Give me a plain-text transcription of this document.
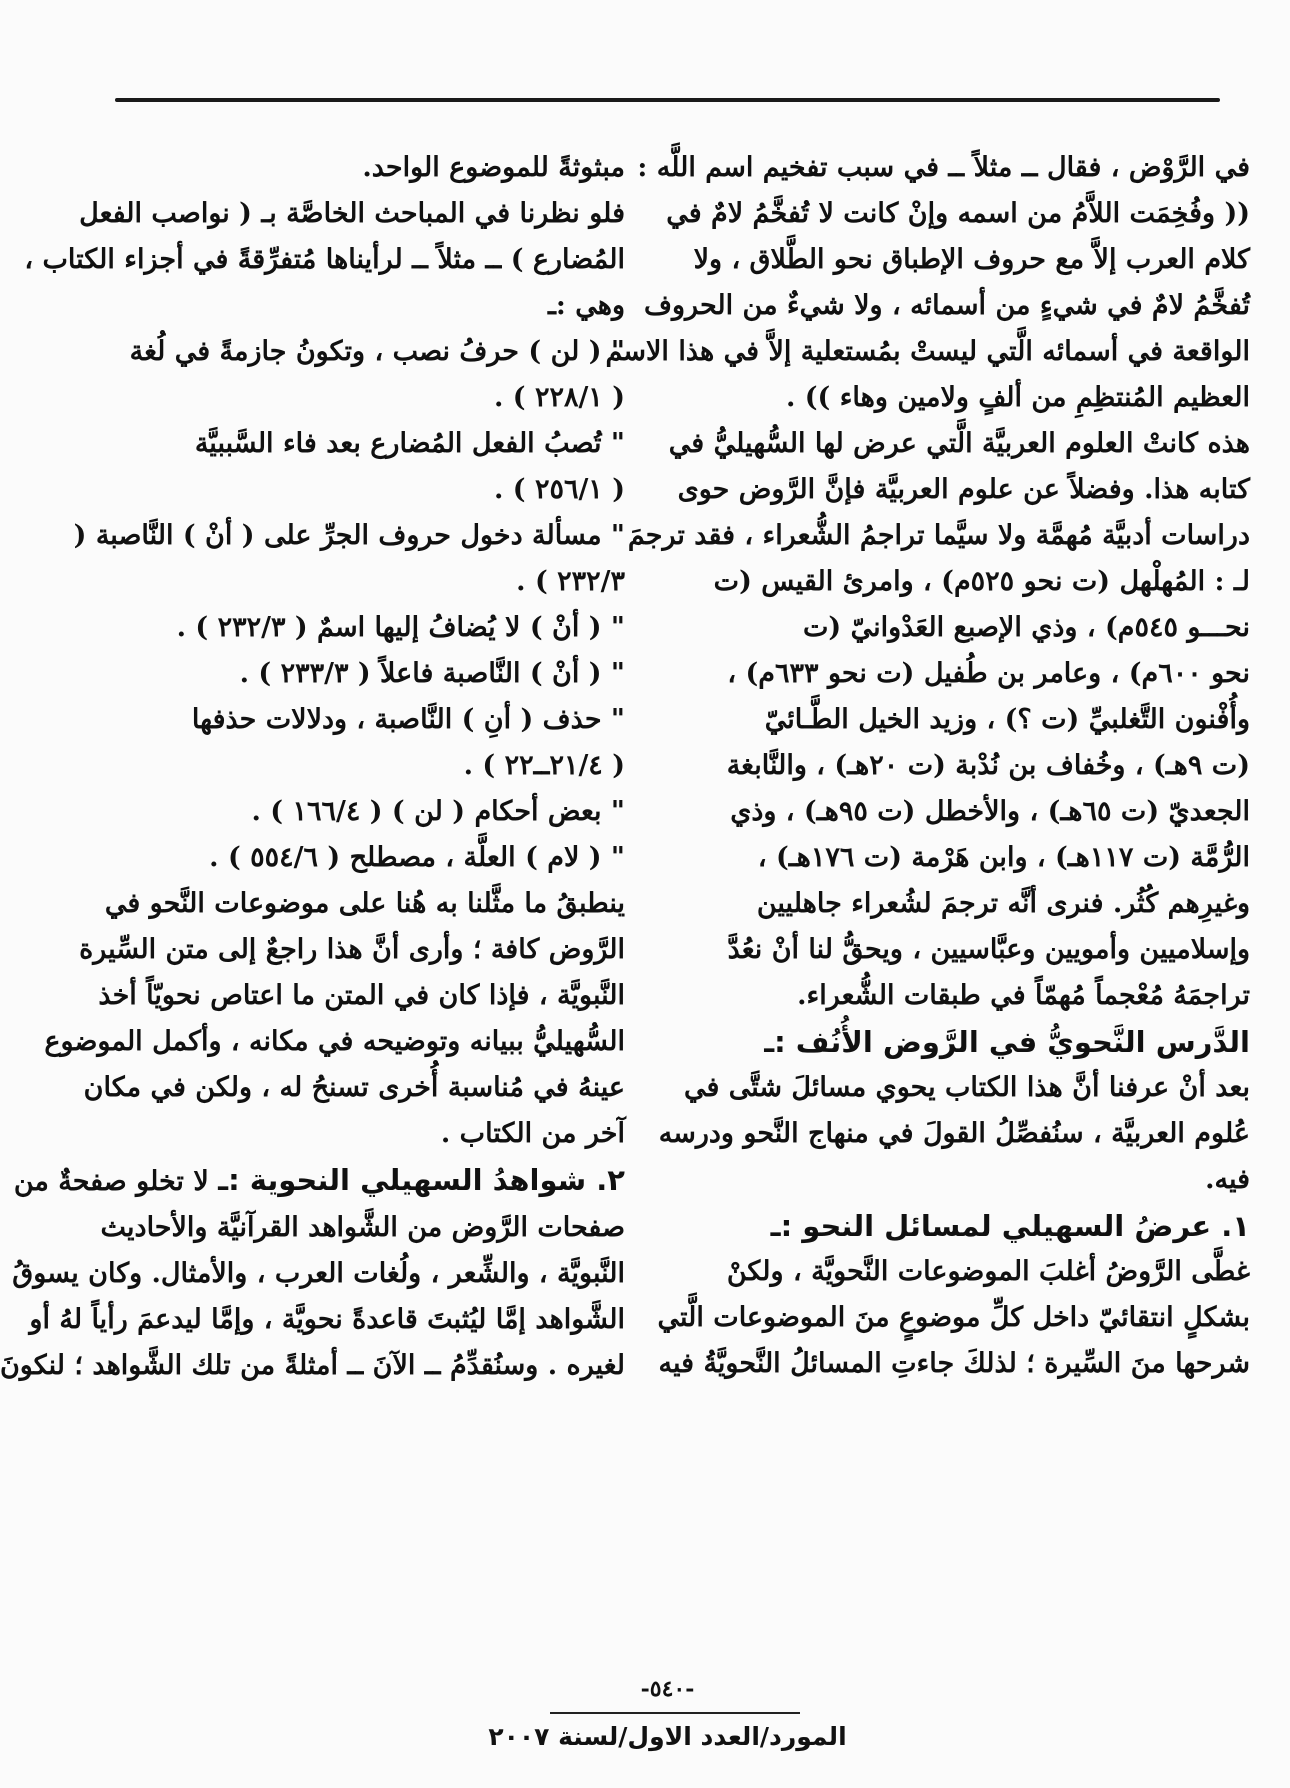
في الرَّوْض ، فقال ــ مثلاً ــ في سبب تفخيم اسم اللَّه :
(( وفُخِمَت اللاَّمُ من اسمه وإنْ كانت لا تُفخَّمُ لامٌ في
كلام العرب إلاَّ مع حروف الإطباق نحو الطَّلاق ، ولا
تُفخَّمُ لامٌ في شيءٍ من أسمائه ، ولا شيءٌ من الحروف
الواقعة في أسمائه الَّتي ليستْ بمُستعلية إلاَّ في هذا الاسم
العظيم المُنتظِمِ من ألفٍ ولامين وهاء )) .
هذه كانتْ العلوم العربيَّة الَّتي عرض لها السُّهيليُّ في
كتابه هذا. وفضلاً عن علوم العربيَّة فإنَّ الرَّوض حوى
دراسات أدبيَّة مُهمَّة ولا سيَّما تراجمُ الشُّعراء ، فقد ترجمَ
لـ : المُهلْهل (ت نحو ٥٢٥م) ، وامرئ القيس (ت
نحـــو ٥٤٥م) ، وذي الإصبع العَدْوانيّ (ت
نحو ٦٠٠م) ، وعامر بن طُفيل (ت نحو ٦٣٣م) ،
وأُفْنون التَّغلبيِّ (ت ؟) ، وزيد الخيل الطَّـائيّ
(ت ٩هـ) ، وخُفاف بن نُدْبة (ت ٢٠هـ) ، والنَّابغة
الجعديّ (ت ٦٥هـ) ، والأخطل (ت ٩٥هـ) ، وذي
الرُّمَّة (ت ١١٧هـ) ، وابن هَرْمة (ت ١٧٦هـ) ،
وغيرِهم كُثُر. فنرى أنَّه ترجمَ لشُعراء جاهليين
وإسلاميين وأمويين وعبَّاسيين ، ويحقُّ لنا أنْ نعُدَّ
تراجمَهُ مُعْجماً مُهمّاً في طبقات الشُّعراء.
الدَّرس النَّحويُّ في الرَّوض الأُنُف :ـ
بعد أنْ عرفنا أنَّ هذا الكتاب يحوي مسائلَ شتَّى في
عُلوم العربيَّة ، سنُفصِّلُ القولَ في منهاج النَّحو ودرسه
فيه.
١. عرضُ السهيلي لمسائل النحو :ـ
غطَّى الرَّوضُ أغلبَ الموضوعات النَّحويَّة ، ولكنْ
بشكلٍ انتقائيّ داخل كلِّ موضوعٍ منَ الموضوعات الَّتي
شرحها منَ السِّيرة ؛ لذلكَ جاءتِ المسائلُ النَّحويَّةُ فيه
مبثوثةً للموضوع الواحد.
فلو نظرنا في المباحث الخاصَّة بـ ( نواصب الفعل
المُضارع ) ــ مثلاً ــ لرأيناها مُتفرِّقةً في أجزاء الكتاب ،
وهي :ـ
" ( لن ) حرفُ نصب ، وتكونُ جازمةً في لُغة
( ٢٢٨/١ ) .
" تُصبُ الفعل المُضارع بعد فاء السَّببيَّة
( ٢٥٦/١ ) .
" مسألة دخول حروف الجرِّ على ( أنْ ) النَّاصبة (
٢٣٢/٣ ) .
" ( أنْ ) لا يُضافُ إليها اسمٌ ( ٢٣٢/٣ ) .
" ( أنْ ) النَّاصبة فاعلاً ( ٢٣٣/٣ ) .
" حذف ( أنِ ) النَّاصبة ، ودلالات حذفها
( ٢١/٤ــ٢٢ ) .
" بعض أحكام ( لن ) ( ١٦٦/٤ ) .
" ( لام ) العلَّة ، مصطلح ( ٥٥٤/٦ ) .
ينطبقُ ما مثَّلنا به هُنا على موضوعات النَّحو في
الرَّوض كافة ؛ وأرى أنَّ هذا راجعٌ إلى متن السِّيرة
النَّبويَّة ، فإذا كان في المتن ما اعتاص نحويّاً أخذ
السُّهيليُّ ببيانه وتوضيحه في مكانه ، وأكمل الموضوع
عينهُ في مُناسبة أُخرى تسنحُ له ، ولكن في مكان
آخر من الكتاب .
٢. شواهدُ السهيلي النحوية :ـ لا تخلو صفحةٌ من
صفحات الرَّوض من الشَّواهد القرآنيَّة والأحاديث
النَّبويَّة ، والشِّعر ، ولُغات العرب ، والأمثال. وكان يسوقُ
الشَّواهد إمَّا ليُثبتَ قاعدةً نحويَّة ، وإمَّا ليدعمَ رأياً لهُ أو
لغيره . وسنُقدِّمُ ــ الآنَ ــ أمثلةً من تلك الشَّواهد ؛ لنكونَ
-٥٤٠-
المورد/العدد الاول/لسنة ٢٠٠٧
